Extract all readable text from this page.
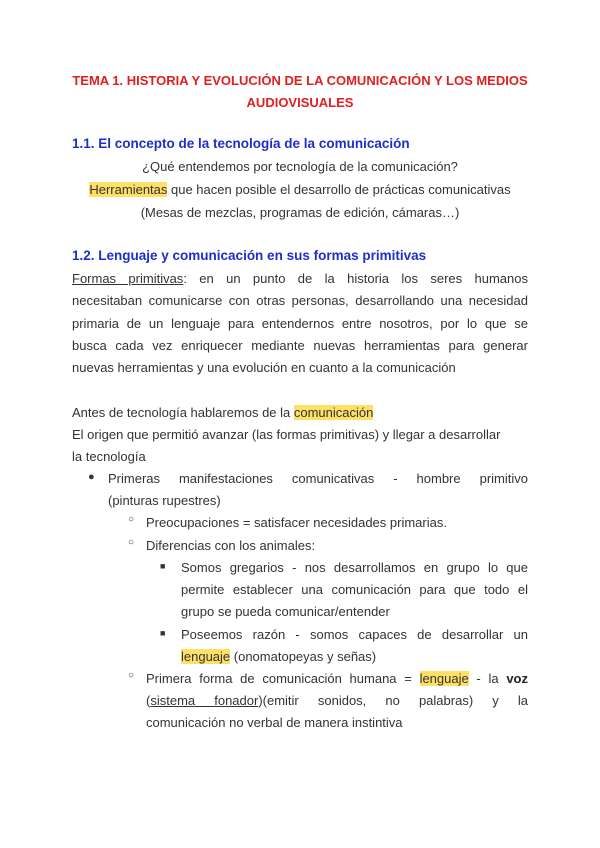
TEMA 1. HISTORIA Y EVOLUCIÓN DE LA COMUNICACIÓN Y LOS MEDIOS
AUDIOVISUALES
1.1. El concepto de la tecnología de la comunicación
¿Qué entendemos por tecnología de la comunicación?
Herramientas que hacen posible el desarrollo de prácticas comunicativas
(Mesas de mezclas, programas de edición, cámaras…)
1.2. Lenguaje y comunicación en sus formas primitivas
Formas primitivas: en un punto de la historia los seres humanos
necesitaban comunicarse con otras personas, desarrollando una necesidad
primaria de un lenguaje para entendernos entre nosotros, por lo que se
busca cada vez enriquecer mediante nuevas herramientas para generar
nuevas herramientas y una evolución en cuanto a la comunicación
Antes de tecnología hablaremos de la comunicación
El origen que permitió avanzar (las formas primitivas) y llegar a desarrollar
la tecnología
● Primeras manifestaciones comunicativas - hombre primitivo
(pinturas rupestres)
○ Preocupaciones = satisfacer necesidades primarias.
○ Diferencias con los animales:
■ Somos gregarios - nos desarrollamos en grupo lo que
permite establecer una comunicación para que todo el
grupo se pueda comunicar/entender
■ Poseemos razón - somos capaces de desarrollar un
lenguaje (onomatopeyas y señas)
○ Primera forma de comunicación humana = lenguaje - la voz
(sistema fonador)(emitir sonidos, no palabras) y la
comunicación no verbal de manera instintiva
